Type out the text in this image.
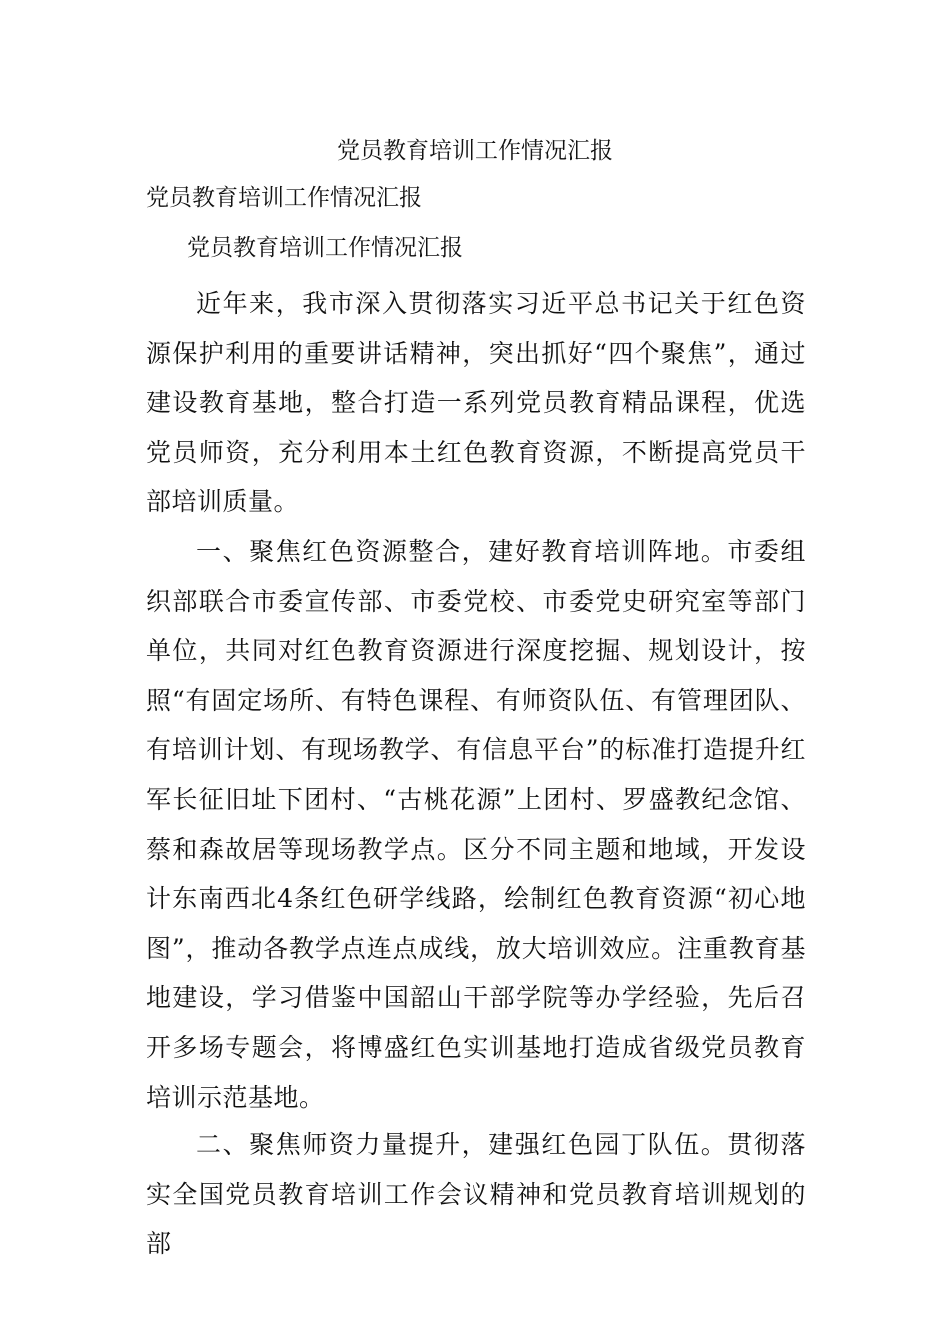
党员教育培训工作情况汇报
党员教育培训工作情况汇报
党员教育培训工作情况汇报

近年来，我市深入贯彻落实习近平总书记关于红色资源保护利用的重要讲话精神，突出抓好“四个聚焦”，通过建设教育基地，整合打造一系列党员教育精品课程，优选党员师资，充分利用本土红色教育资源，不断提高党员干部培训质量。

一、聚焦红色资源整合，建好教育培训阵地。市委组织部联合市委宣传部、市委党校、市委党史研究室等部门单位，共同对红色教育资源进行深度挖掘、规划设计，按照“有固定场所、有特色课程、有师资队伍、有管理团队、有培训计划、有现场教学、有信息平台”的标准打造提升红军长征旧址下团村、“古桃花源”上团村、罗盛教纪念馆、蔡和森故居等现场教学点。区分不同主题和地域，开发设计东南西北4条红色研学线路，绘制红色教育资源“初心地图”，推动各教学点连点成线，放大培训效应。注重教育基地建设，学习借鉴中国韶山干部学院等办学经验，先后召开多场专题会，将博盛红色实训基地打造成省级党员教育培训示范基地。

二、聚焦师资力量提升，建强红色园丁队伍。贯彻落实全国党员教育培训工作会议精神和党员教育培训规划的部
